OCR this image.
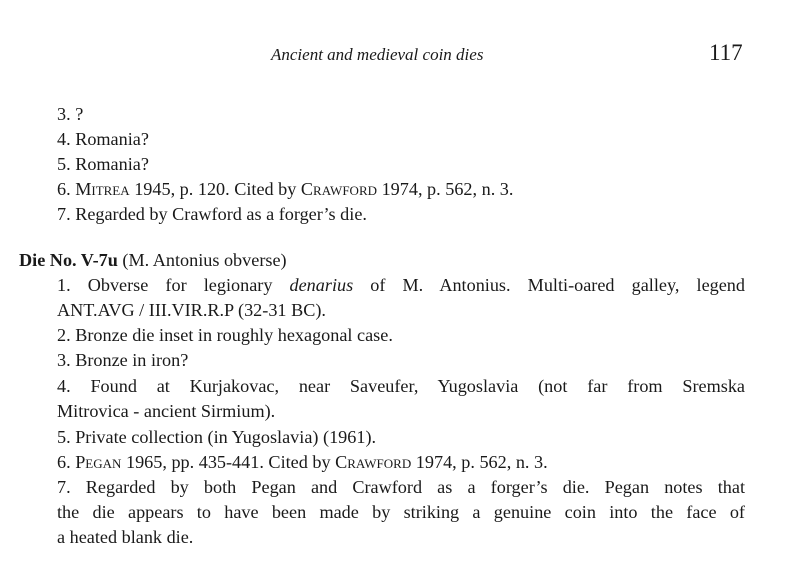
Ancient and medieval coin dies	117
3. ?
4. Romania?
5. Romania?
6. Mitrea 1945, p. 120. Cited by Crawford 1974, p. 562, n. 3.
7. Regarded by Crawford as a forger’s die.
Die No. V-7u (M. Antonius obverse)
1. Obverse for legionary denarius of M. Antonius. Multi-oared galley, legend
ANT.AVG / III.VIR.R.P (32-31 BC).
2. Bronze die inset in roughly hexagonal case.
3. Bronze in iron?
4. Found at Kurjakovac, near Saveufer, Yugoslavia (not far from Sremska
Mitrovica - ancient Sirmium).
5. Private collection (in Yugoslavia) (1961).
6. Pegan 1965, pp. 435-441. Cited by Crawford 1974, p. 562, n. 3.
7. Regarded by both Pegan and Crawford as a forger’s die. Pegan notes that
the die appears to have been made by striking a genuine coin into the face of
a heated blank die.
